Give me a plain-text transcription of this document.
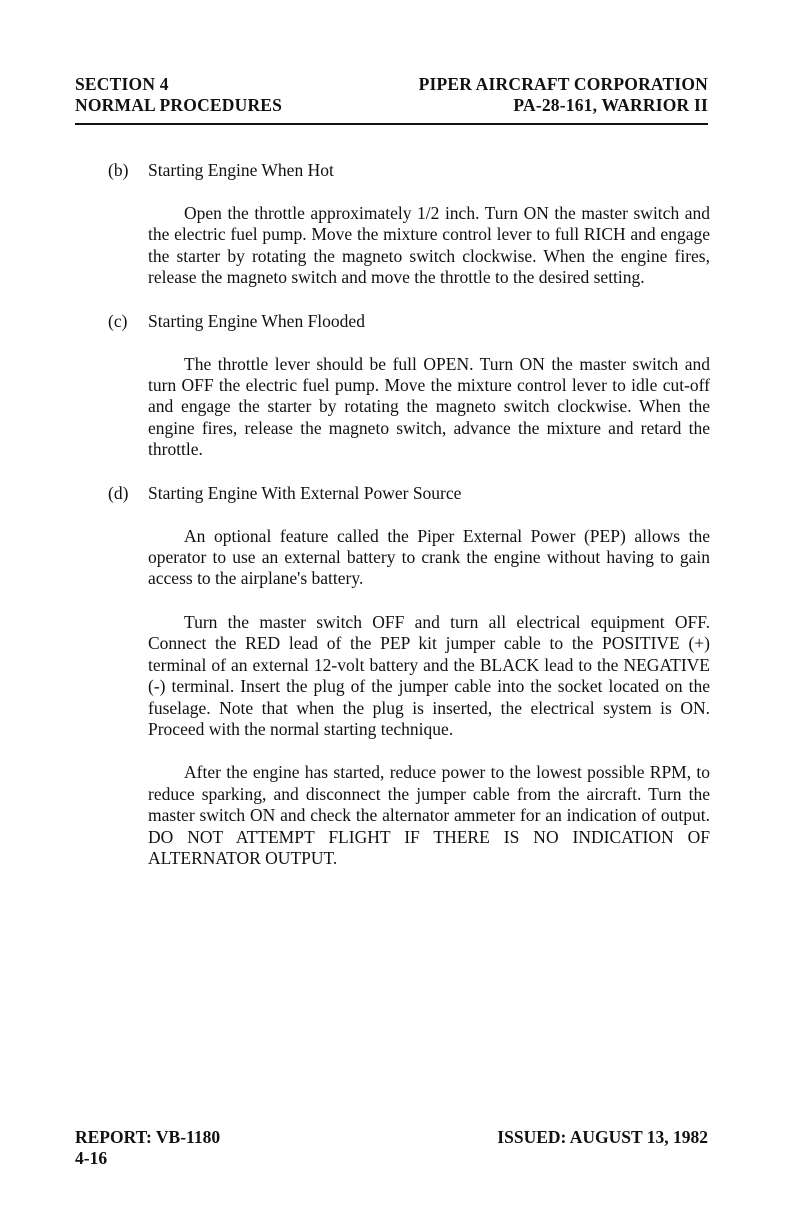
SECTION 4	PIPER AIRCRAFT CORPORATION
NORMAL PROCEDURES	PA-28-161, WARRIOR II
(b)	Starting Engine When Hot

Open the throttle approximately 1/2 inch. Turn ON the master switch and the electric fuel pump. Move the mixture control lever to full RICH and engage the starter by rotating the magneto switch clockwise. When the engine fires, release the magneto switch and move the throttle to the desired setting.

(c)	Starting Engine When Flooded

The throttle lever should be full OPEN. Turn ON the master switch and turn OFF the electric fuel pump. Move the mixture control lever to idle cut-off and engage the starter by rotating the magneto switch clockwise. When the engine fires, release the magneto switch, advance the mixture and retard the throttle.

(d)	Starting Engine With External Power Source

An optional feature called the Piper External Power (PEP) allows the operator to use an external battery to crank the engine without having to gain access to the airplane's battery.

Turn the master switch OFF and turn all electrical equipment OFF. Connect the RED lead of the PEP kit jumper cable to the POSITIVE (+) terminal of an external 12-volt battery and the BLACK lead to the NEGATIVE (-) terminal. Insert the plug of the jumper cable into the socket located on the fuselage. Note that when the plug is inserted, the electrical system is ON. Proceed with the normal starting technique.

After the engine has started, reduce power to the lowest possible RPM, to reduce sparking, and disconnect the jumper cable from the aircraft. Turn the master switch ON and check the alternator ammeter for an indication of output. DO NOT ATTEMPT FLIGHT IF THERE IS NO INDICATION OF ALTERNATOR OUTPUT.

REPORT: VB-1180	ISSUED: AUGUST 13, 1982
4-16
